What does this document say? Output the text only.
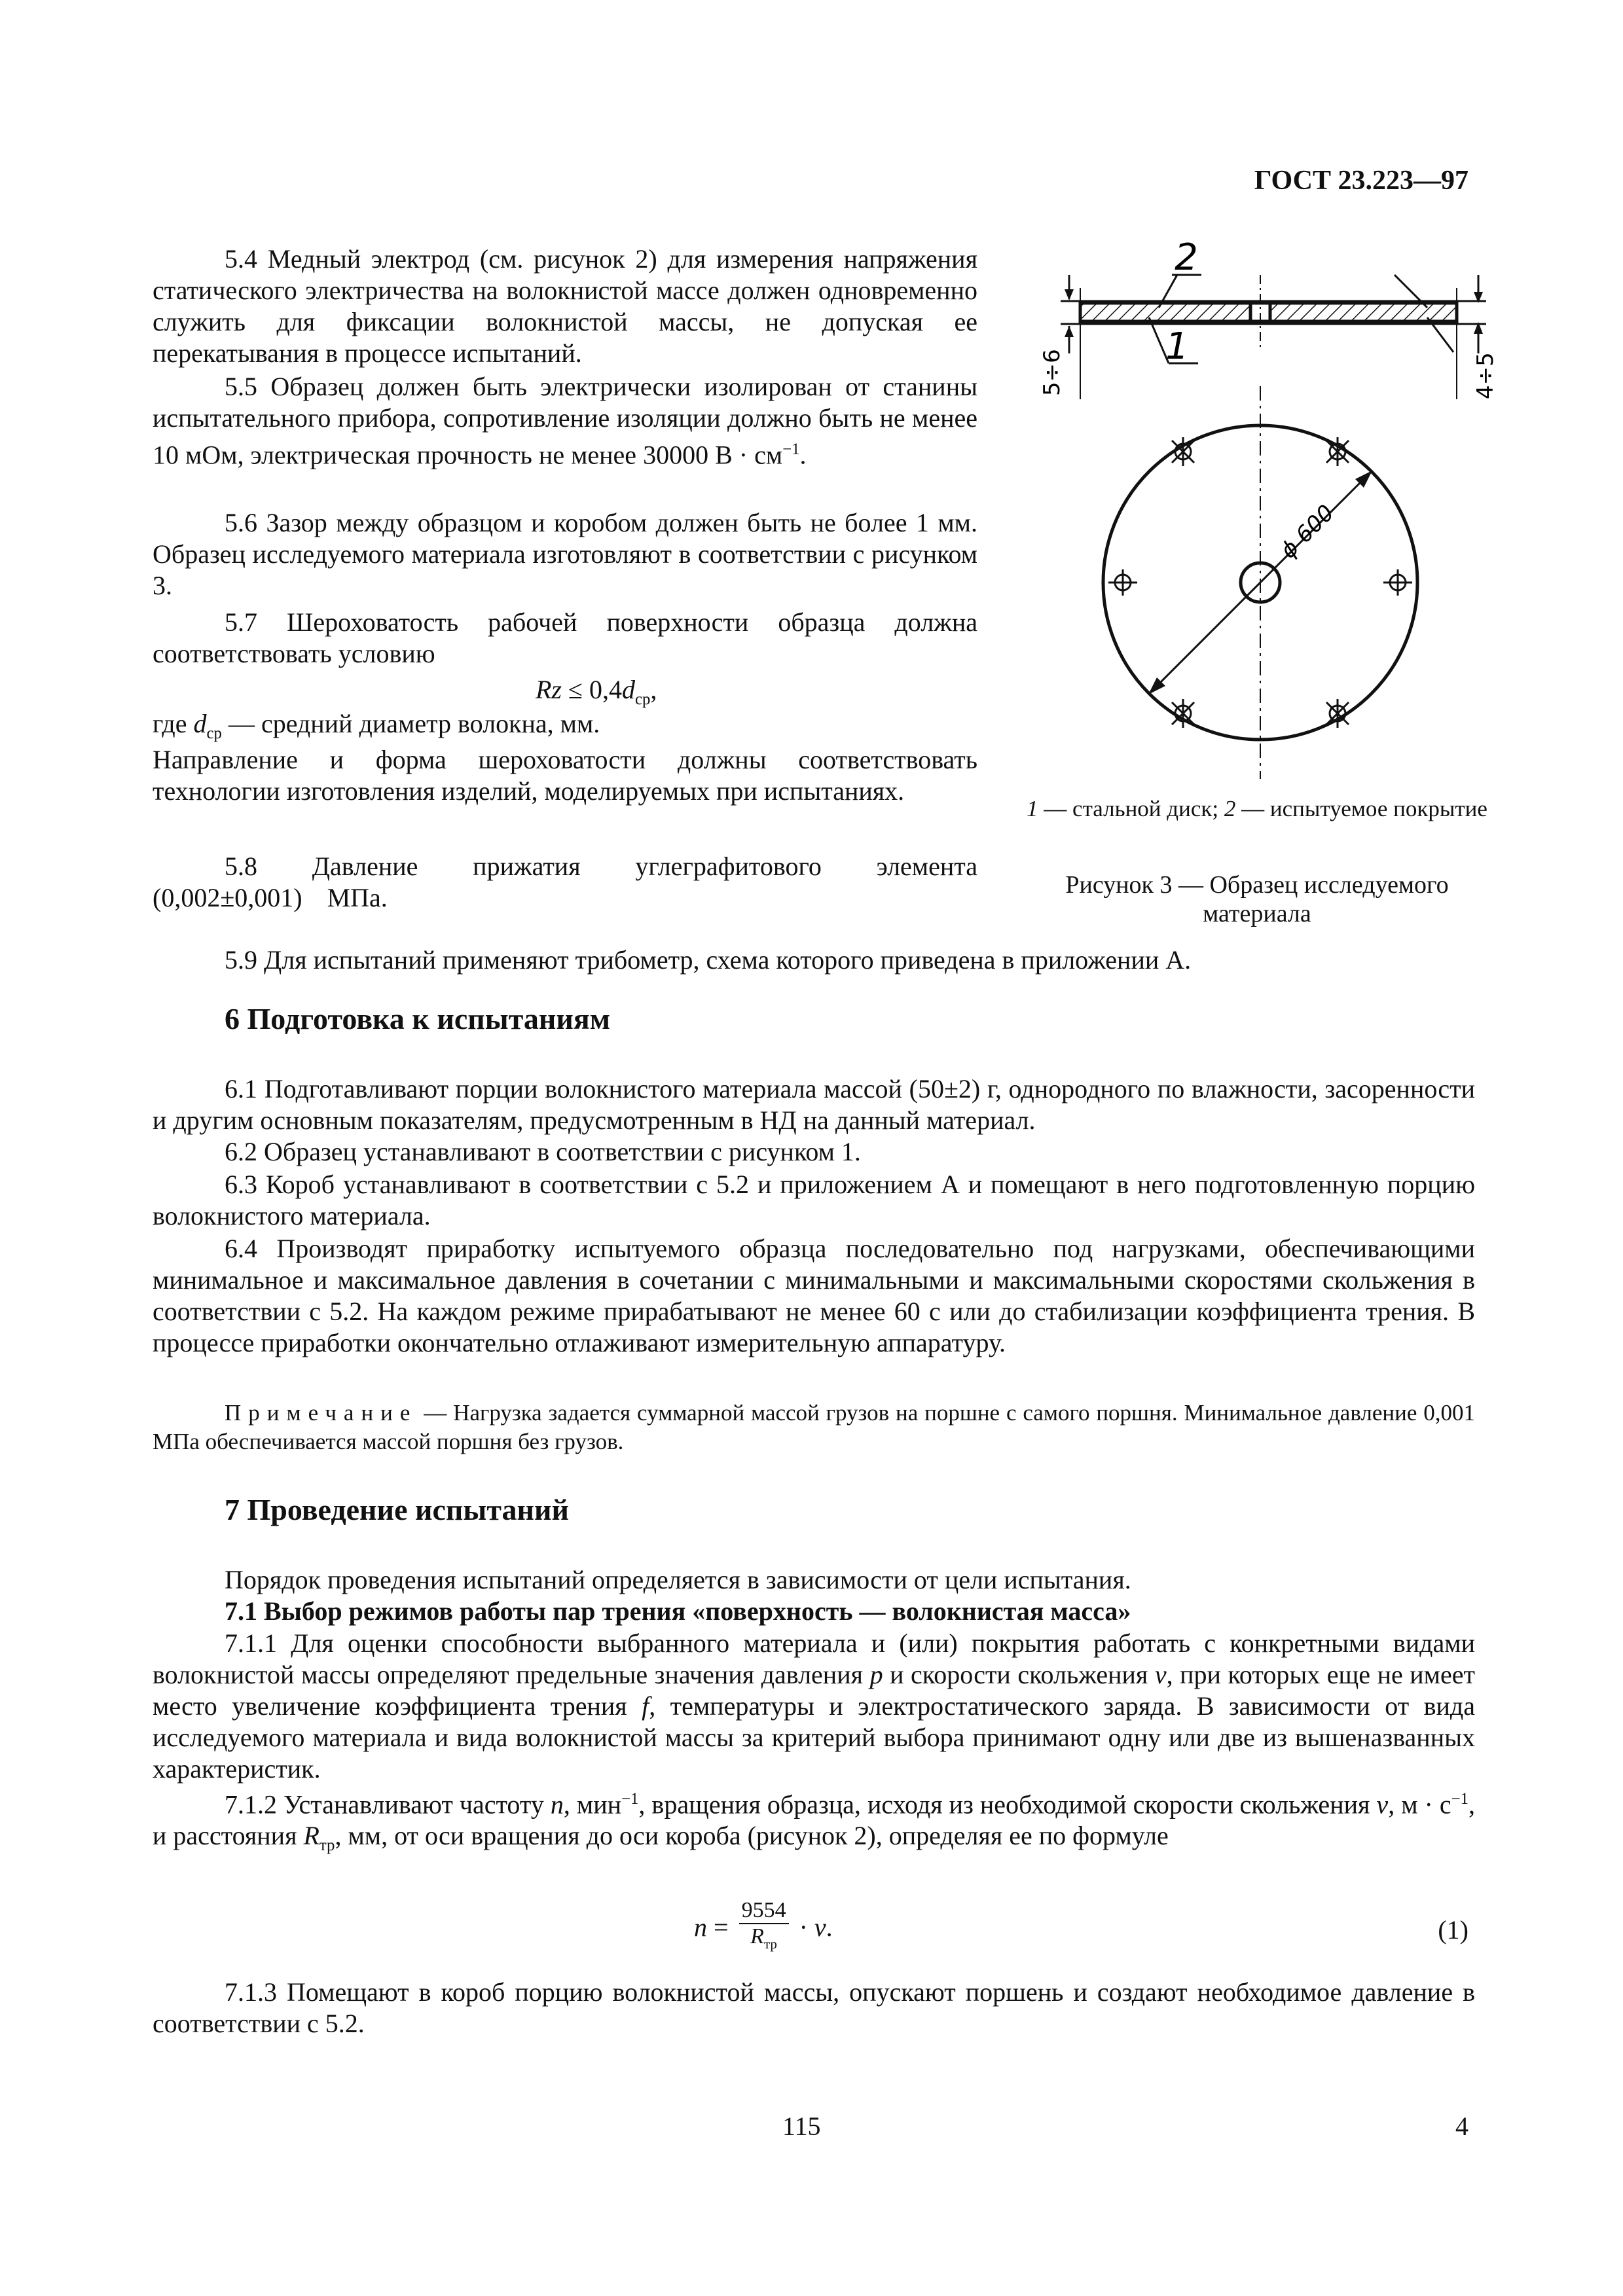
ГОСТ 23.223—97

5.4 Медный электрод (см. рисунок 2) для измерения напряжения статического электричества на волокнистой массе должен одновременно служить для фиксации волокнистой массы, не допуская ее перекатывания в процессе испытаний.

5.5 Образец должен быть электрически изолирован от станины испытательного прибора, сопротивление изоляции должно быть не менее 10 мОм, электрическая прочность не менее 30000 $В \cdot см^{-1}$.

5.6 Зазор между образцом и коробом должен быть не более 1 мм. Образец исследуемого материала изготовляют в соответствии с рисунком 3.

5.7 Шероховатость рабочей поверхности образца должна соответствовать условию

$Rz \le 0,4d_{ср}$,
где $d_{ср}$ — средний диаметр волокна, мм.

Направление и форма шероховатости должны соответствовать технологии изготовления изделий, моделируемых при испытаниях.

5.8 Давление прижатия углеграфитового элемента (0,002±0,001) МПа.

5.9 Для испытаний применяют трибометр, схема которого приведена в приложении А.

2
1
5÷6	4÷5
ϕ 600
1 — стальной диск; 2 — испытуемое покрытие
Рисунок 3 — Образец исследуемого материала
6 Подготовка к испытаниям

6.1 Подготавливают порции волокнистого материала массой (50±2) г, однородного по влажности, засоренности и другим основным показателям, предусмотренным в НД на данный материал.

6.2 Образец устанавливают в соответствии с рисунком 1.

6.3 Короб устанавливают в соответствии с 5.2 и приложением А и помещают в него подготовленную порцию волокнистого материала.

6.4 Производят приработку испытуемого образца последовательно под нагрузками, обеспечивающими минимальное и максимальное давления в сочетании с минимальными и максимальными скоростями скольжения в соответствии с 5.2. На каждом режиме прирабатывают не менее 60 с или до стабилизации коэффициента трения. В процессе приработки окончательно отлаживают измерительную аппаратуру.

Примечание — Нагрузка задается суммарной массой грузов на поршне с самого поршня. Минимальное давление 0,001 МПа обеспечивается массой поршня без грузов.

7 Проведение испытаний

Порядок проведения испытаний определяется в зависимости от цели испытания.

7.1 Выбор режимов работы пар трения «поверхность — волокнистая масса»

7.1.1 Для оценки способности выбранного материала и (или) покрытия работать с конкретными видами волокнистой массы определяют предельные значения давления p и скорости скольжения v, при которых еще не имеет место увеличение коэффициента трения f, температуры и электростатического заряда. В зависимости от вида исследуемого материала и вида волокнистой массы за критерий выбора принимают одну или две из вышеназванных характеристик.

7.1.2 Устанавливают частоту n, мин$^{-1}$, вращения образца, исходя из необходимой скорости скольжения v, $м \cdot с^{-1}$, и расстояния $R_{тр}$, мм, от оси вращения до оси короба (рисунок 2), определяя ее по формуле

n =
9554
$R_{тр}$
· v .	(1)

7.1.3 Помещают в короб порцию волокнистой массы, опускают поршень и создают необходимое давление в соответствии с 5.2.

115	4
